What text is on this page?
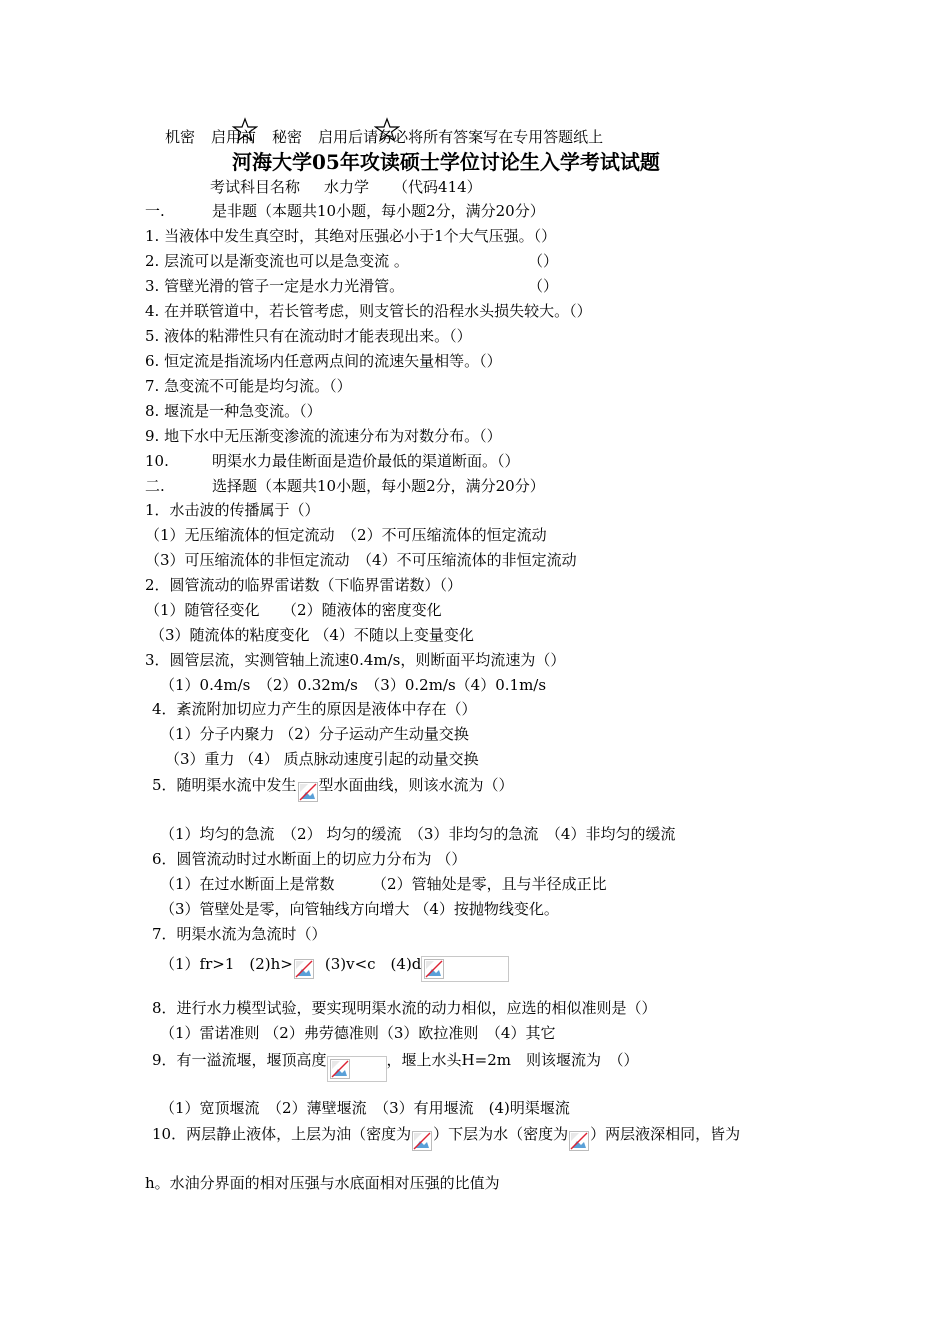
机密 启用前 秘密 启用后请务必将所有答案写在专用答题纸上
河海大学05年攻读硕士学位讨论生入学考试试题
考试科目名称 水力学 （代码414）
一.	是非题（本题共10小题，每小题2分，满分20分）
1. 当液体中发生真空时，其绝对压强必小于1个大气压强。（）
2. 层流可以是渐变流也可以是急变流 。	（）
3. 管壁光滑的管子一定是水力光滑管。	（）
4. 在并联管道中，若长管考虑，则支管长的沿程水头损失较大。（）
5. 液体的粘滞性只有在流动时才能表现出来。（）
6. 恒定流是指流场内任意两点间的流速矢量相等。（）
7. 急变流不可能是均匀流。（）
8. 堰流是一种急变流。（）
9. 地下水中无压渐变渗流的流速分布为对数分布。（）
10.	明渠水力最佳断面是造价最低的渠道断面。（）
二.	选择题（本题共10小题，每小题2分，满分20分）
1．水击波的传播属于（）
（1）无压缩流体的恒定流动　（2）不可压缩流体的恒定流动
（3）可压缩流体的非恒定流动　（4）不可压缩流体的非恒定流动
2．圆管流动的临界雷诺数（下临界雷诺数）（）
（1）随管径变化　　（2）随液体的密度变化
（3）随流体的粘度变化 （4）不随以上变量变化
3．圆管层流，实测管轴上流速0.4m/s，则断面平均流速为（）
（1）0.4m/s　（2）0.32m/s　（3）0.2m/s（4）0.1m/s
4．紊流附加切应力产生的原因是液体中存在（）
（1）分子内聚力 （2）分子运动产生动量交换
（3）重力 （4） 质点脉动速度引起的动量交换
5．随明渠水流中发生 型水面曲线，则该水流为（）
（1）均匀的急流　（2） 均匀的缓流　（3）非均匀的急流　（4）非均匀的缓流
6．圆管流动时过水断面上的切应力分布为 （）
（1）在过水断面上是常数　　　（2）管轴处是零，且与半径成正比
（3）管壁处是零，向管轴线方向增大 （4）按抛物线变化。
7．明渠水流为急流时（）
（1）fr>1　(2)h> (3)v<c　(4)d
8．进行水力模型试验，要实现明渠水流的动力相似，应选的相似准则是（）
（1）雷诺准则 （2）弗劳德准则（3）欧拉准则　（4）其它
9．有一溢流堰，堰顶高度	，堰上水头H=2m　则该堰流为　（）
（1）宽顶堰流　（2）薄壁堰流　（3）有用堰流　(4)明渠堰流
10．两层静止液体，上层为油（密度为 ）下层为水（密度为 ）两层液深相同，皆为
h。水油分界面的相对压强与水底面相对压强的比值为
